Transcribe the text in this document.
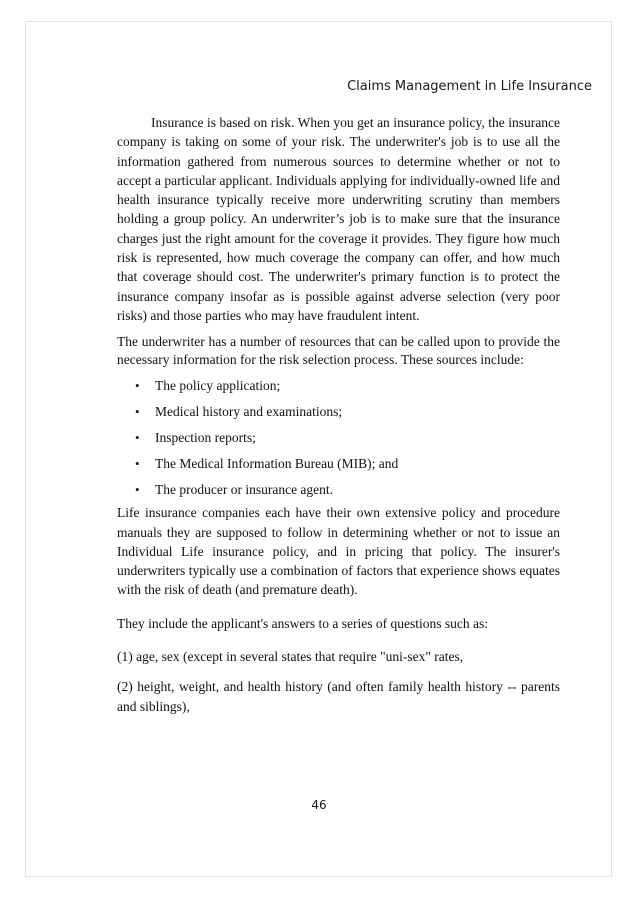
Claims Management in Life Insurance

Insurance is based on risk. When you get an insurance policy, the insurance company is taking on some of your risk. The underwriter's job is to use all the information gathered from numerous sources to determine whether or not to accept a particular applicant. Individuals applying for individually-owned life and health insurance typically receive more underwriting scrutiny than members holding a group policy. An underwriter’s job is to make sure that the insurance charges just the right amount for the coverage it provides. They figure how much risk is represented, how much coverage the company can offer, and how much that coverage should cost. The underwriter's primary function is to protect the insurance company insofar as is possible against adverse selection (very poor risks) and those parties who may have fraudulent intent.

The underwriter has a number of resources that can be called upon to provide the necessary information for the risk selection process. These sources include:

• The policy application;
• Medical history and examinations;
• Inspection reports;
• The Medical Information Bureau (MIB); and
• The producer or insurance agent.

Life insurance companies each have their own extensive policy and procedure manuals they are supposed to follow in determining whether or not to issue an Individual Life insurance policy, and in pricing that policy. The insurer's underwriters typically use a combination of factors that experience shows equates with the risk of death (and premature death).

They include the applicant's answers to a series of questions such as:

(1) age, sex (except in several states that require "uni-sex" rates,

(2) height, weight, and health history (and often family health history -- parents and siblings),

46
